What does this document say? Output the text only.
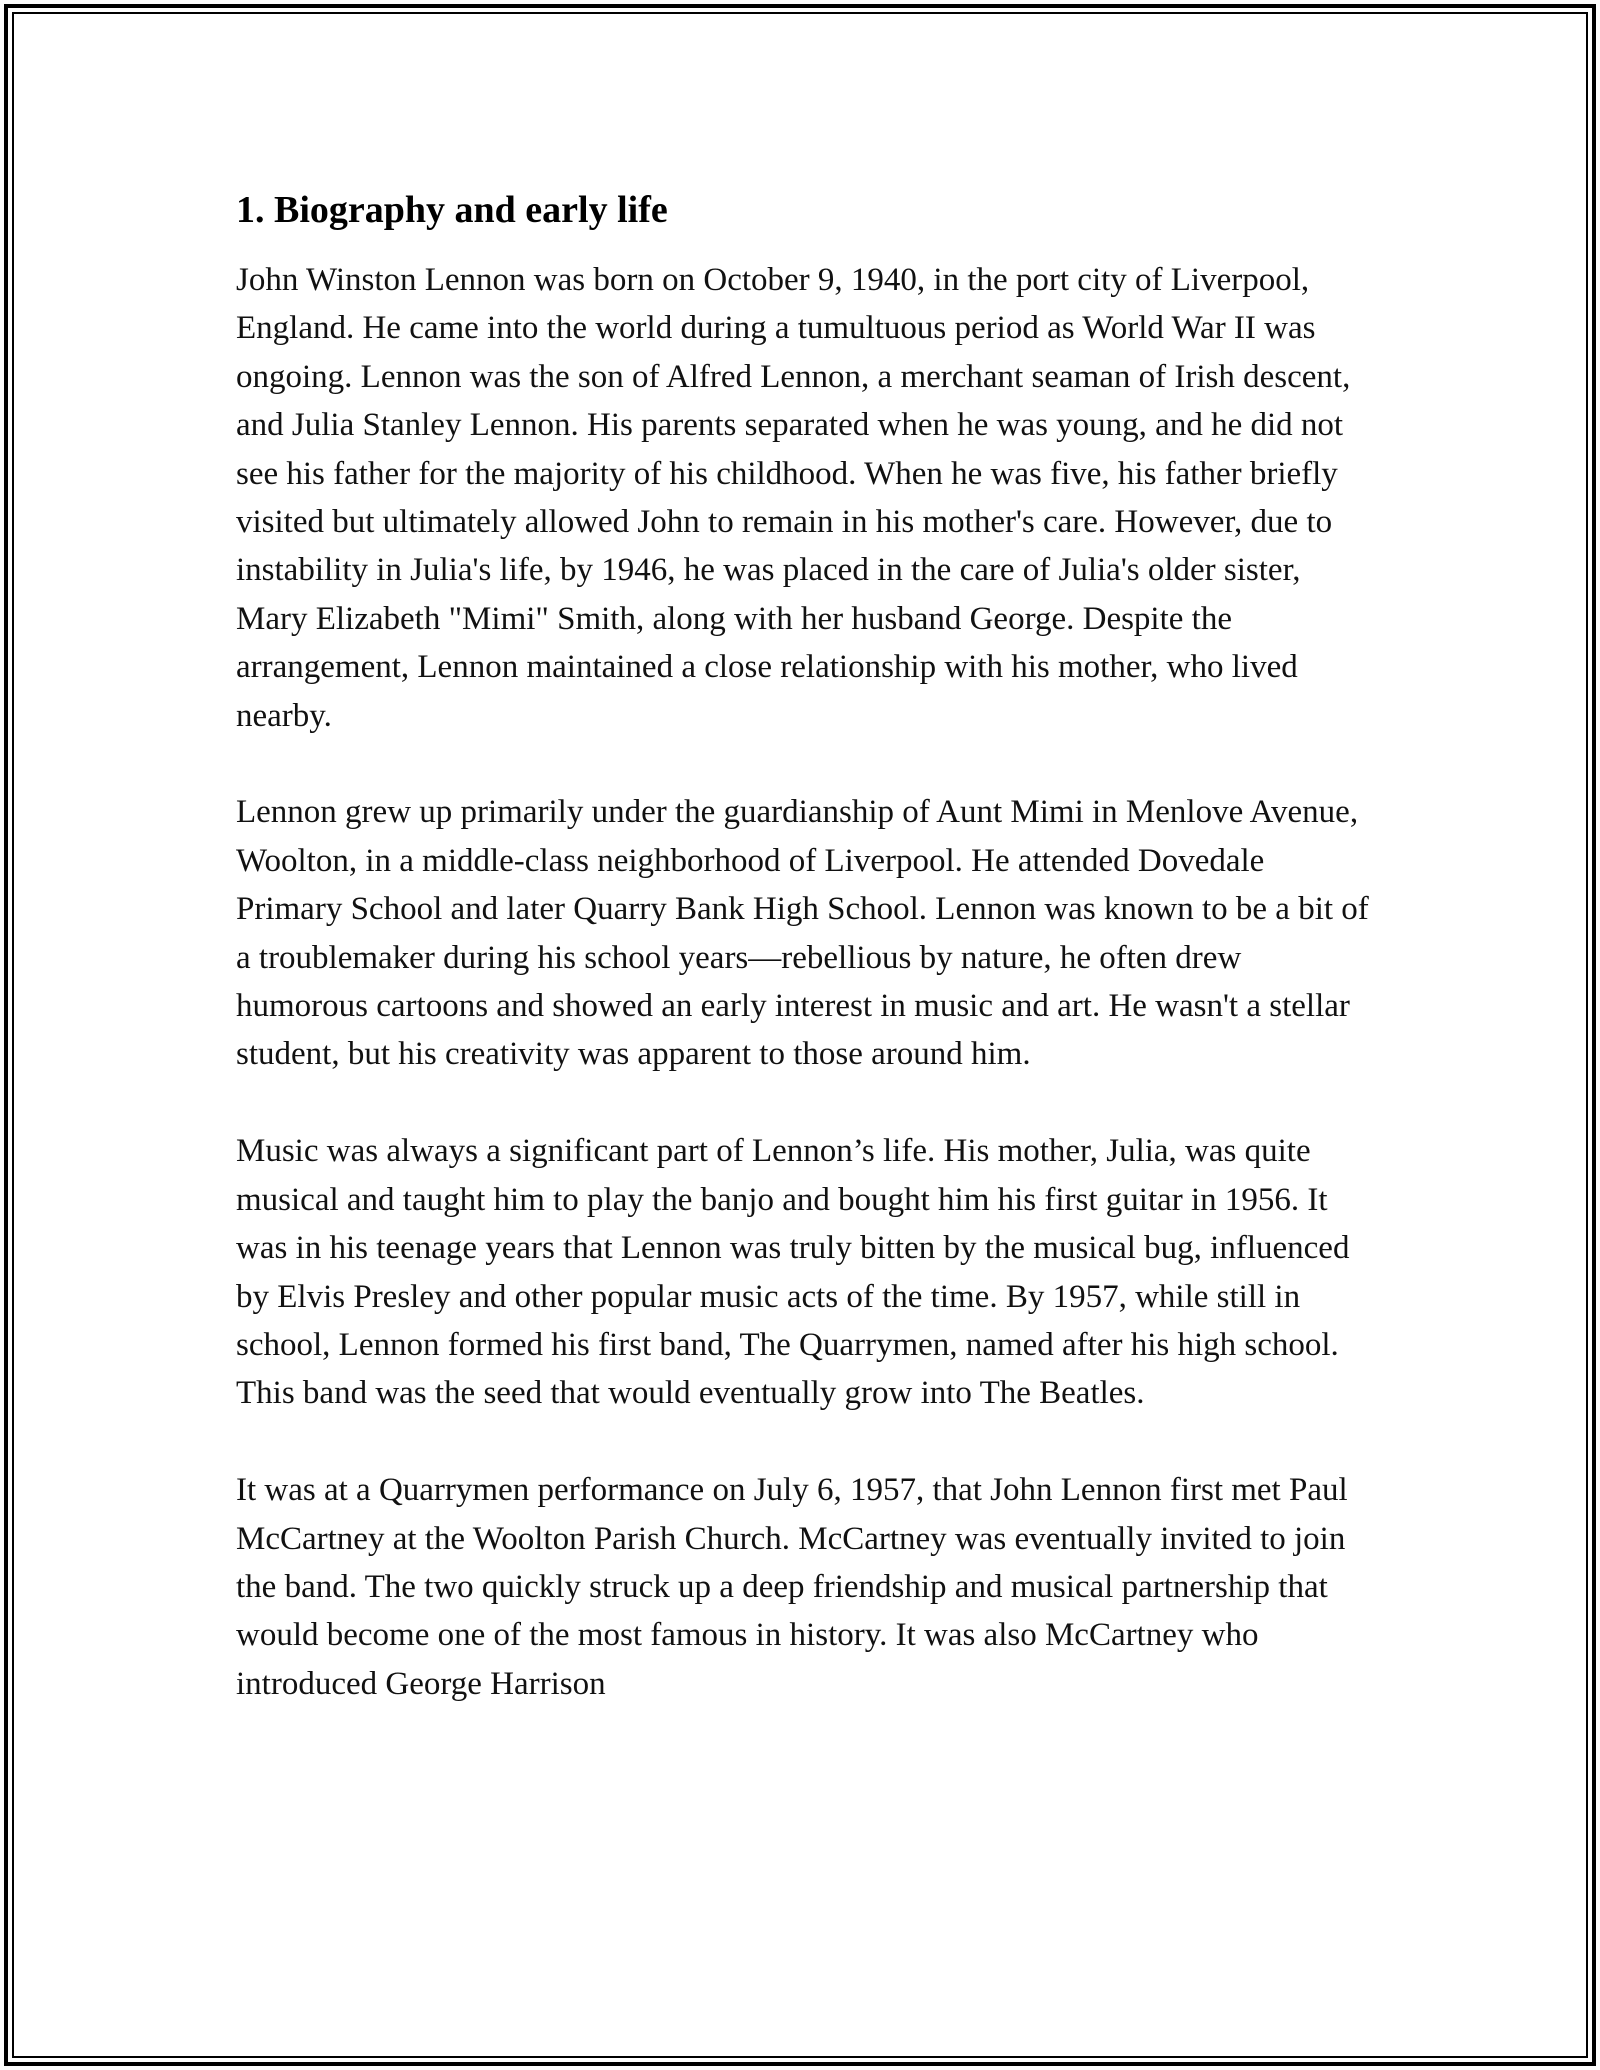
1. Biography and early life

John Winston Lennon was born on October 9, 1940, in the port city of Liverpool, England. He came into the world during a tumultuous period as World War II was ongoing. Lennon was the son of Alfred Lennon, a merchant seaman of Irish descent, and Julia Stanley Lennon. His parents separated when he was young, and he did not see his father for the majority of his childhood. When he was five, his father briefly visited but ultimately allowed John to remain in his mother's care. However, due to instability in Julia's life, by 1946, he was placed in the care of Julia's older sister, Mary Elizabeth "Mimi" Smith, along with her husband George. Despite the arrangement, Lennon maintained a close relationship with his mother, who lived nearby.

Lennon grew up primarily under the guardianship of Aunt Mimi in Menlove Avenue, Woolton, in a middle-class neighborhood of Liverpool. He attended Dovedale Primary School and later Quarry Bank High School. Lennon was known to be a bit of a troublemaker during his school years—rebellious by nature, he often drew humorous cartoons and showed an early interest in music and art. He wasn't a stellar student, but his creativity was apparent to those around him.

Music was always a significant part of Lennon’s life. His mother, Julia, was quite musical and taught him to play the banjo and bought him his first guitar in 1956. It was in his teenage years that Lennon was truly bitten by the musical bug, influenced by Elvis Presley and other popular music acts of the time. By 1957, while still in school, Lennon formed his first band, The Quarrymen, named after his high school. This band was the seed that would eventually grow into The Beatles.

It was at a Quarrymen performance on July 6, 1957, that John Lennon first met Paul McCartney at the Woolton Parish Church. McCartney was eventually invited to join the band. The two quickly struck up a deep friendship and musical partnership that would become one of the most famous in history. It was also McCartney who introduced George Harrison
